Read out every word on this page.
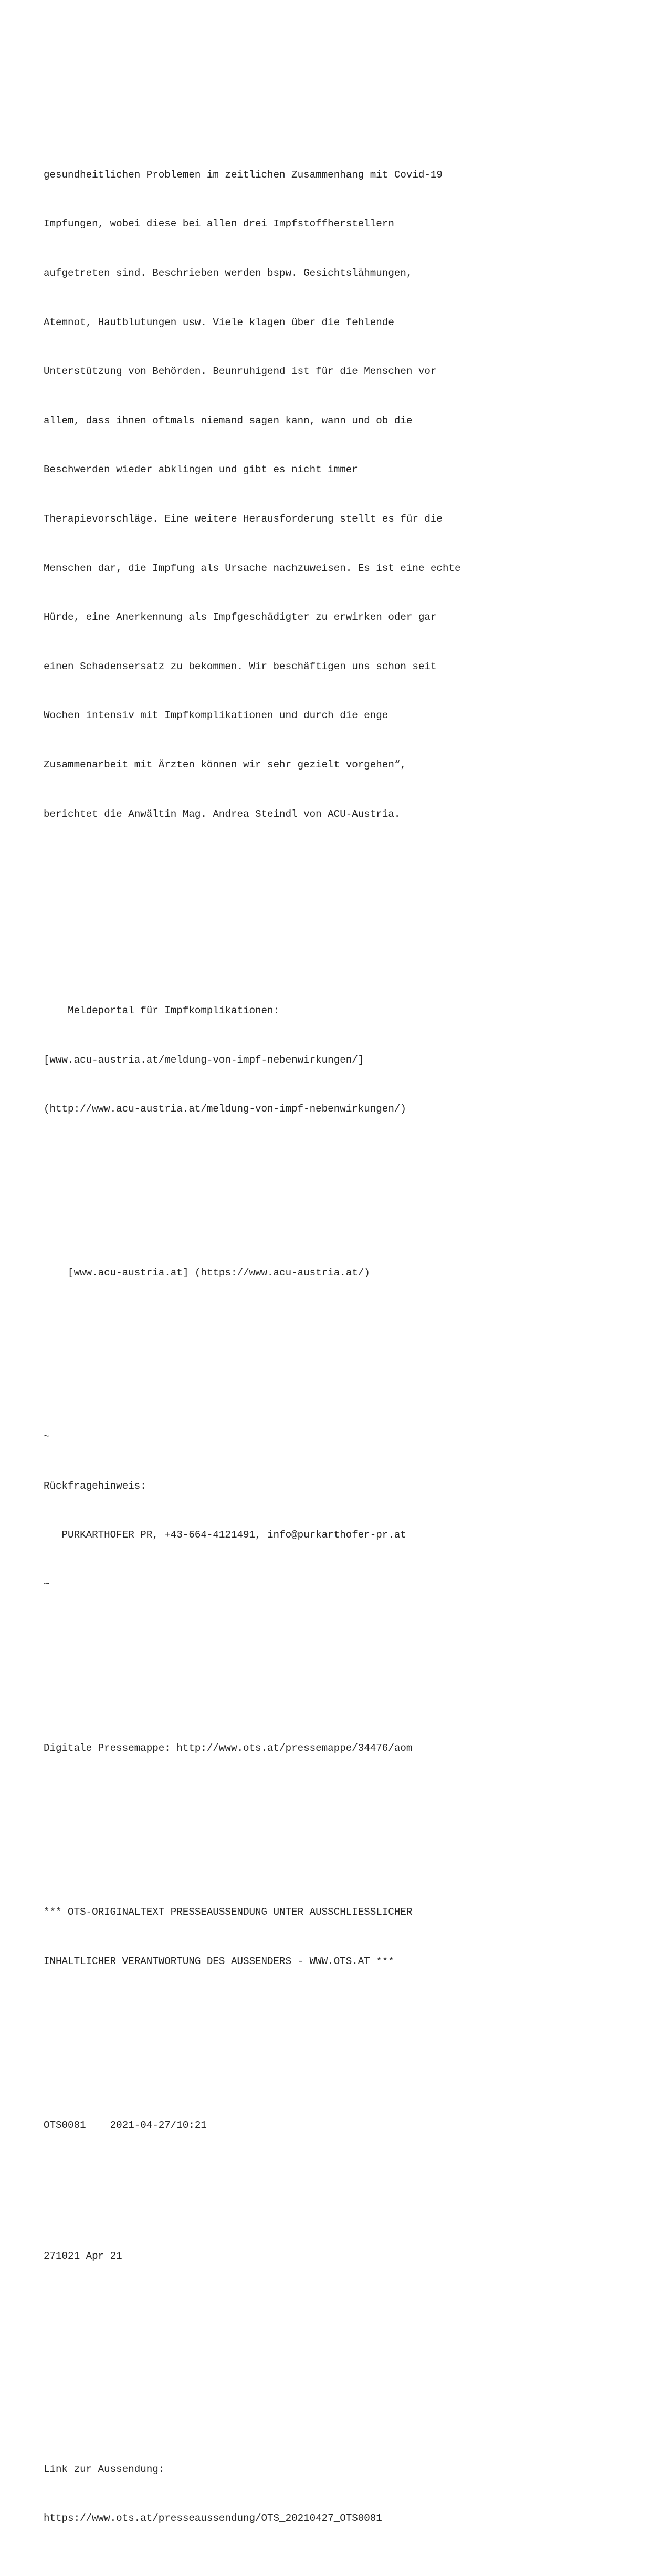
gesundheitlichen Problemen im zeitlichen Zusammenhang mit Covid-19

Impfungen, wobei diese bei allen drei Impfstoffherstellern

aufgetreten sind. Beschrieben werden bspw. Gesichtslähmungen,

Atemnot, Hautblutungen usw. Viele klagen über die fehlende

Unterstützung von Behörden. Beunruhigend ist für die Menschen vor

allem, dass ihnen oftmals niemand sagen kann, wann und ob die

Beschwerden wieder abklingen und gibt es nicht immer

Therapievorschläge. Eine weitere Herausforderung stellt es für die

Menschen dar, die Impfung als Ursache nachzuweisen. Es ist eine echte

Hürde, eine Anerkennung als Impfgeschädigter zu erwirken oder gar

einen Schadensersatz zu bekommen. Wir beschäftigen uns schon seit

Wochen intensiv mit Impfkomplikationen und durch die enge

Zusammenarbeit mit Ärzten können wir sehr gezielt vorgehen“,

berichtet die Anwältin Mag. Andrea Steindl von ACU-Austria.

Meldeportal für Impfkomplikationen:

[www.acu-austria.at/meldung-von-impf-nebenwirkungen/]

(http://www.acu-austria.at/meldung-von-impf-nebenwirkungen/)

[www.acu-austria.at] (https://www.acu-austria.at/)

~

Rückfragehinweis:

PURKARTHOFER PR, +43-664-4121491, info@purkarthofer-pr.at

~

Digitale Pressemappe: http://www.ots.at/pressemappe/34476/aom

*** OTS-ORIGINALTEXT PRESSEAUSSENDUNG UNTER AUSSCHLIESSLICHER

INHALTLICHER VERANTWORTUNG DES AUSSENDERS - WWW.OTS.AT ***

OTS0081    2021-04-27/10:21

271021 Apr 21

Link zur Aussendung:

https://www.ots.at/presseaussendung/OTS_20210427_OTS0081
